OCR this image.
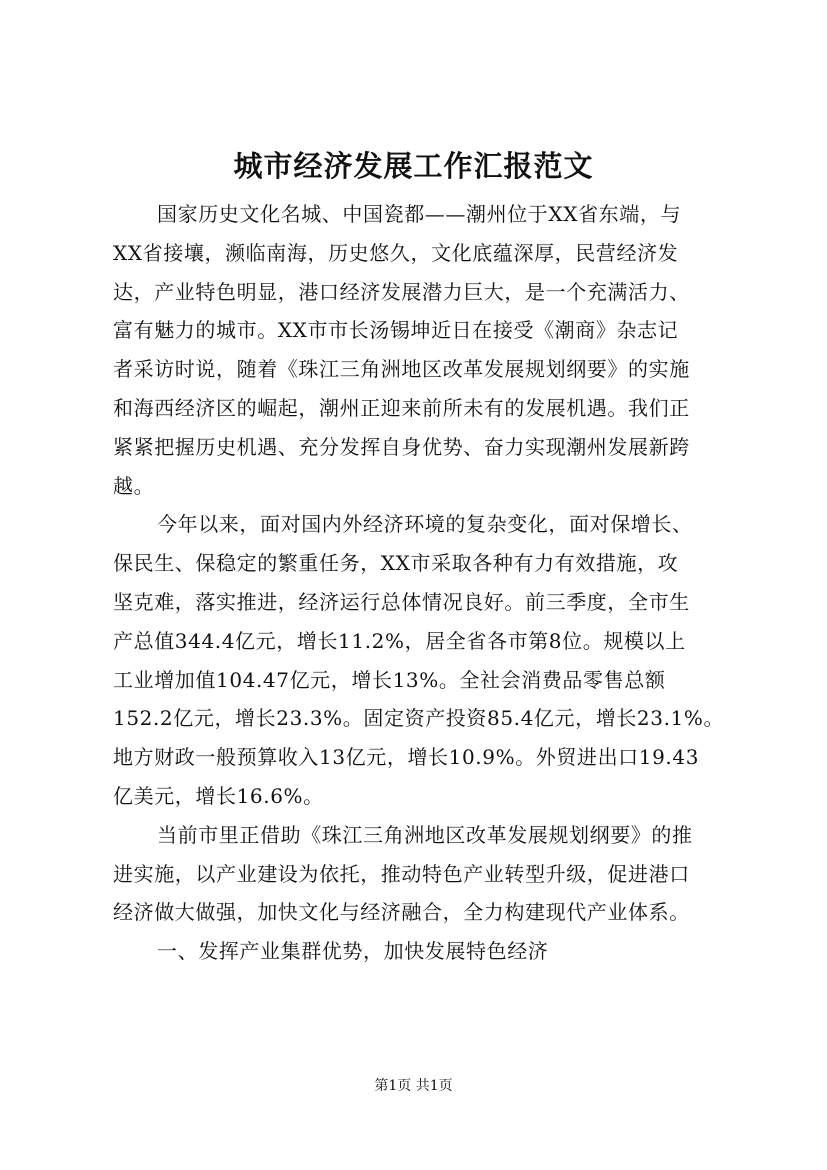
城市经济发展工作汇报范文
国家历史文化名城、中国瓷都——潮州位于XX省东端，与
XX省接壤，濒临南海，历史悠久，文化底蕴深厚，民营经济发
达，产业特色明显，港口经济发展潜力巨大，是一个充满活力、
富有魅力的城市。XX市市长汤锡坤近日在接受《潮商》杂志记
者采访时说，随着《珠江三角洲地区改革发展规划纲要》的实施
和海西经济区的崛起，潮州正迎来前所未有的发展机遇。我们正
紧紧把握历史机遇、充分发挥自身优势、奋力实现潮州发展新跨
越。
今年以来，面对国内外经济环境的复杂变化，面对保增长、
保民生、保稳定的繁重任务，XX市采取各种有力有效措施，攻
坚克难，落实推进，经济运行总体情况良好。前三季度，全市生
产总值344.4亿元，增长11.2%，居全省各市第8位。规模以上
工业增加值104.47亿元，增长13%。全社会消费品零售总额
152.2亿元，增长23.3%。固定资产投资85.4亿元，增长23.1%。
地方财政一般预算收入13亿元，增长10.9%。外贸进出口19.43
亿美元，增长16.6%。
当前市里正借助《珠江三角洲地区改革发展规划纲要》的推
进实施，以产业建设为依托，推动特色产业转型升级，促进港口
经济做大做强，加快文化与经济融合，全力构建现代产业体系。
一、发挥产业集群优势，加快发展特色经济
第1页 共1页
